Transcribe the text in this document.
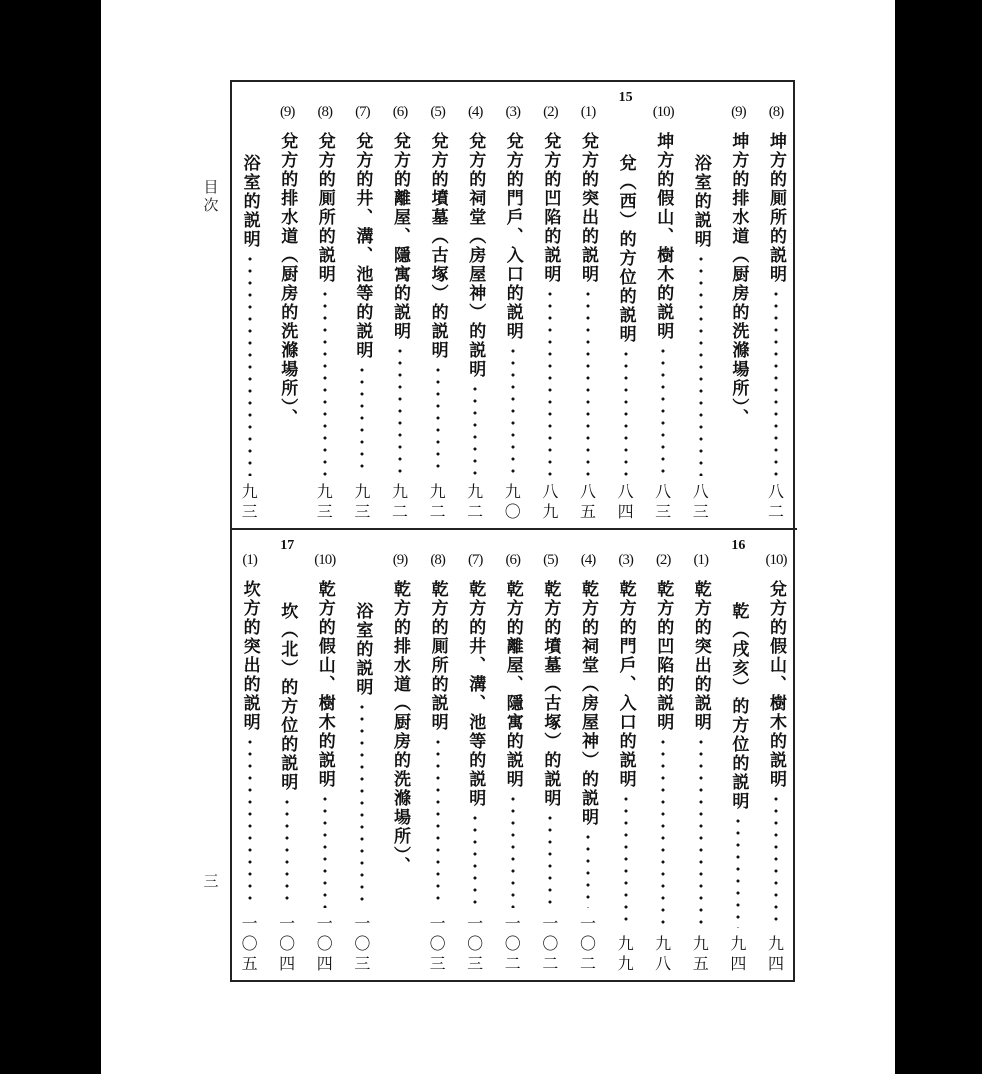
目
次
三
(8)
坤方的厠所的説明
八
二
(9)
坤方的排水道（厨房的洗滌場所）、
浴室的説明
八
三
(10)
坤方的假山、樹木的説明
八
三
15
兌（西）的方位的説明
八
四
(1)
兌方的突出的説明
八
五
(2)
兌方的凹陷的説明
八
九
(3)
兌方的門戶、入口的説明
九
〇
(4)
兌方的祠堂（房屋神）的説明
九
二
(5)
兌方的墳墓（古塚）的説明
九
二
(6)
兌方的離屋、隱寓的説明
九
二
(7)
兌方的井、溝、池等的説明
九
三
(8)
兌方的厠所的説明
九
三
(9)
兌方的排水道（厨房的洗滌場所）、
浴室的説明
九
三
(10)
兌方的假山、樹木的説明
九
四
16
乾（戌亥）的方位的説明
九
四
(1)
乾方的突出的説明
九
五
(2)
乾方的凹陷的説明
九
八
(3)
乾方的門戶、入口的説明
九
九
(4)
乾方的祠堂（房屋神）的説明
一
〇
二
(5)
乾方的墳墓（古塚）的説明
一
〇
二
(6)
乾方的離屋、隱寓的説明
一
〇
二
(7)
乾方的井、溝、池等的説明
一
〇
三
(8)
乾方的厠所的説明
一
〇
三
(9)
乾方的排水道（厨房的洗滌場所）、
浴室的説明
一
〇
三
(10)
乾方的假山、樹木的説明
一
〇
四
17
坎（北）的方位的説明
一
〇
四
(1)
坎方的突出的説明
一
〇
五
